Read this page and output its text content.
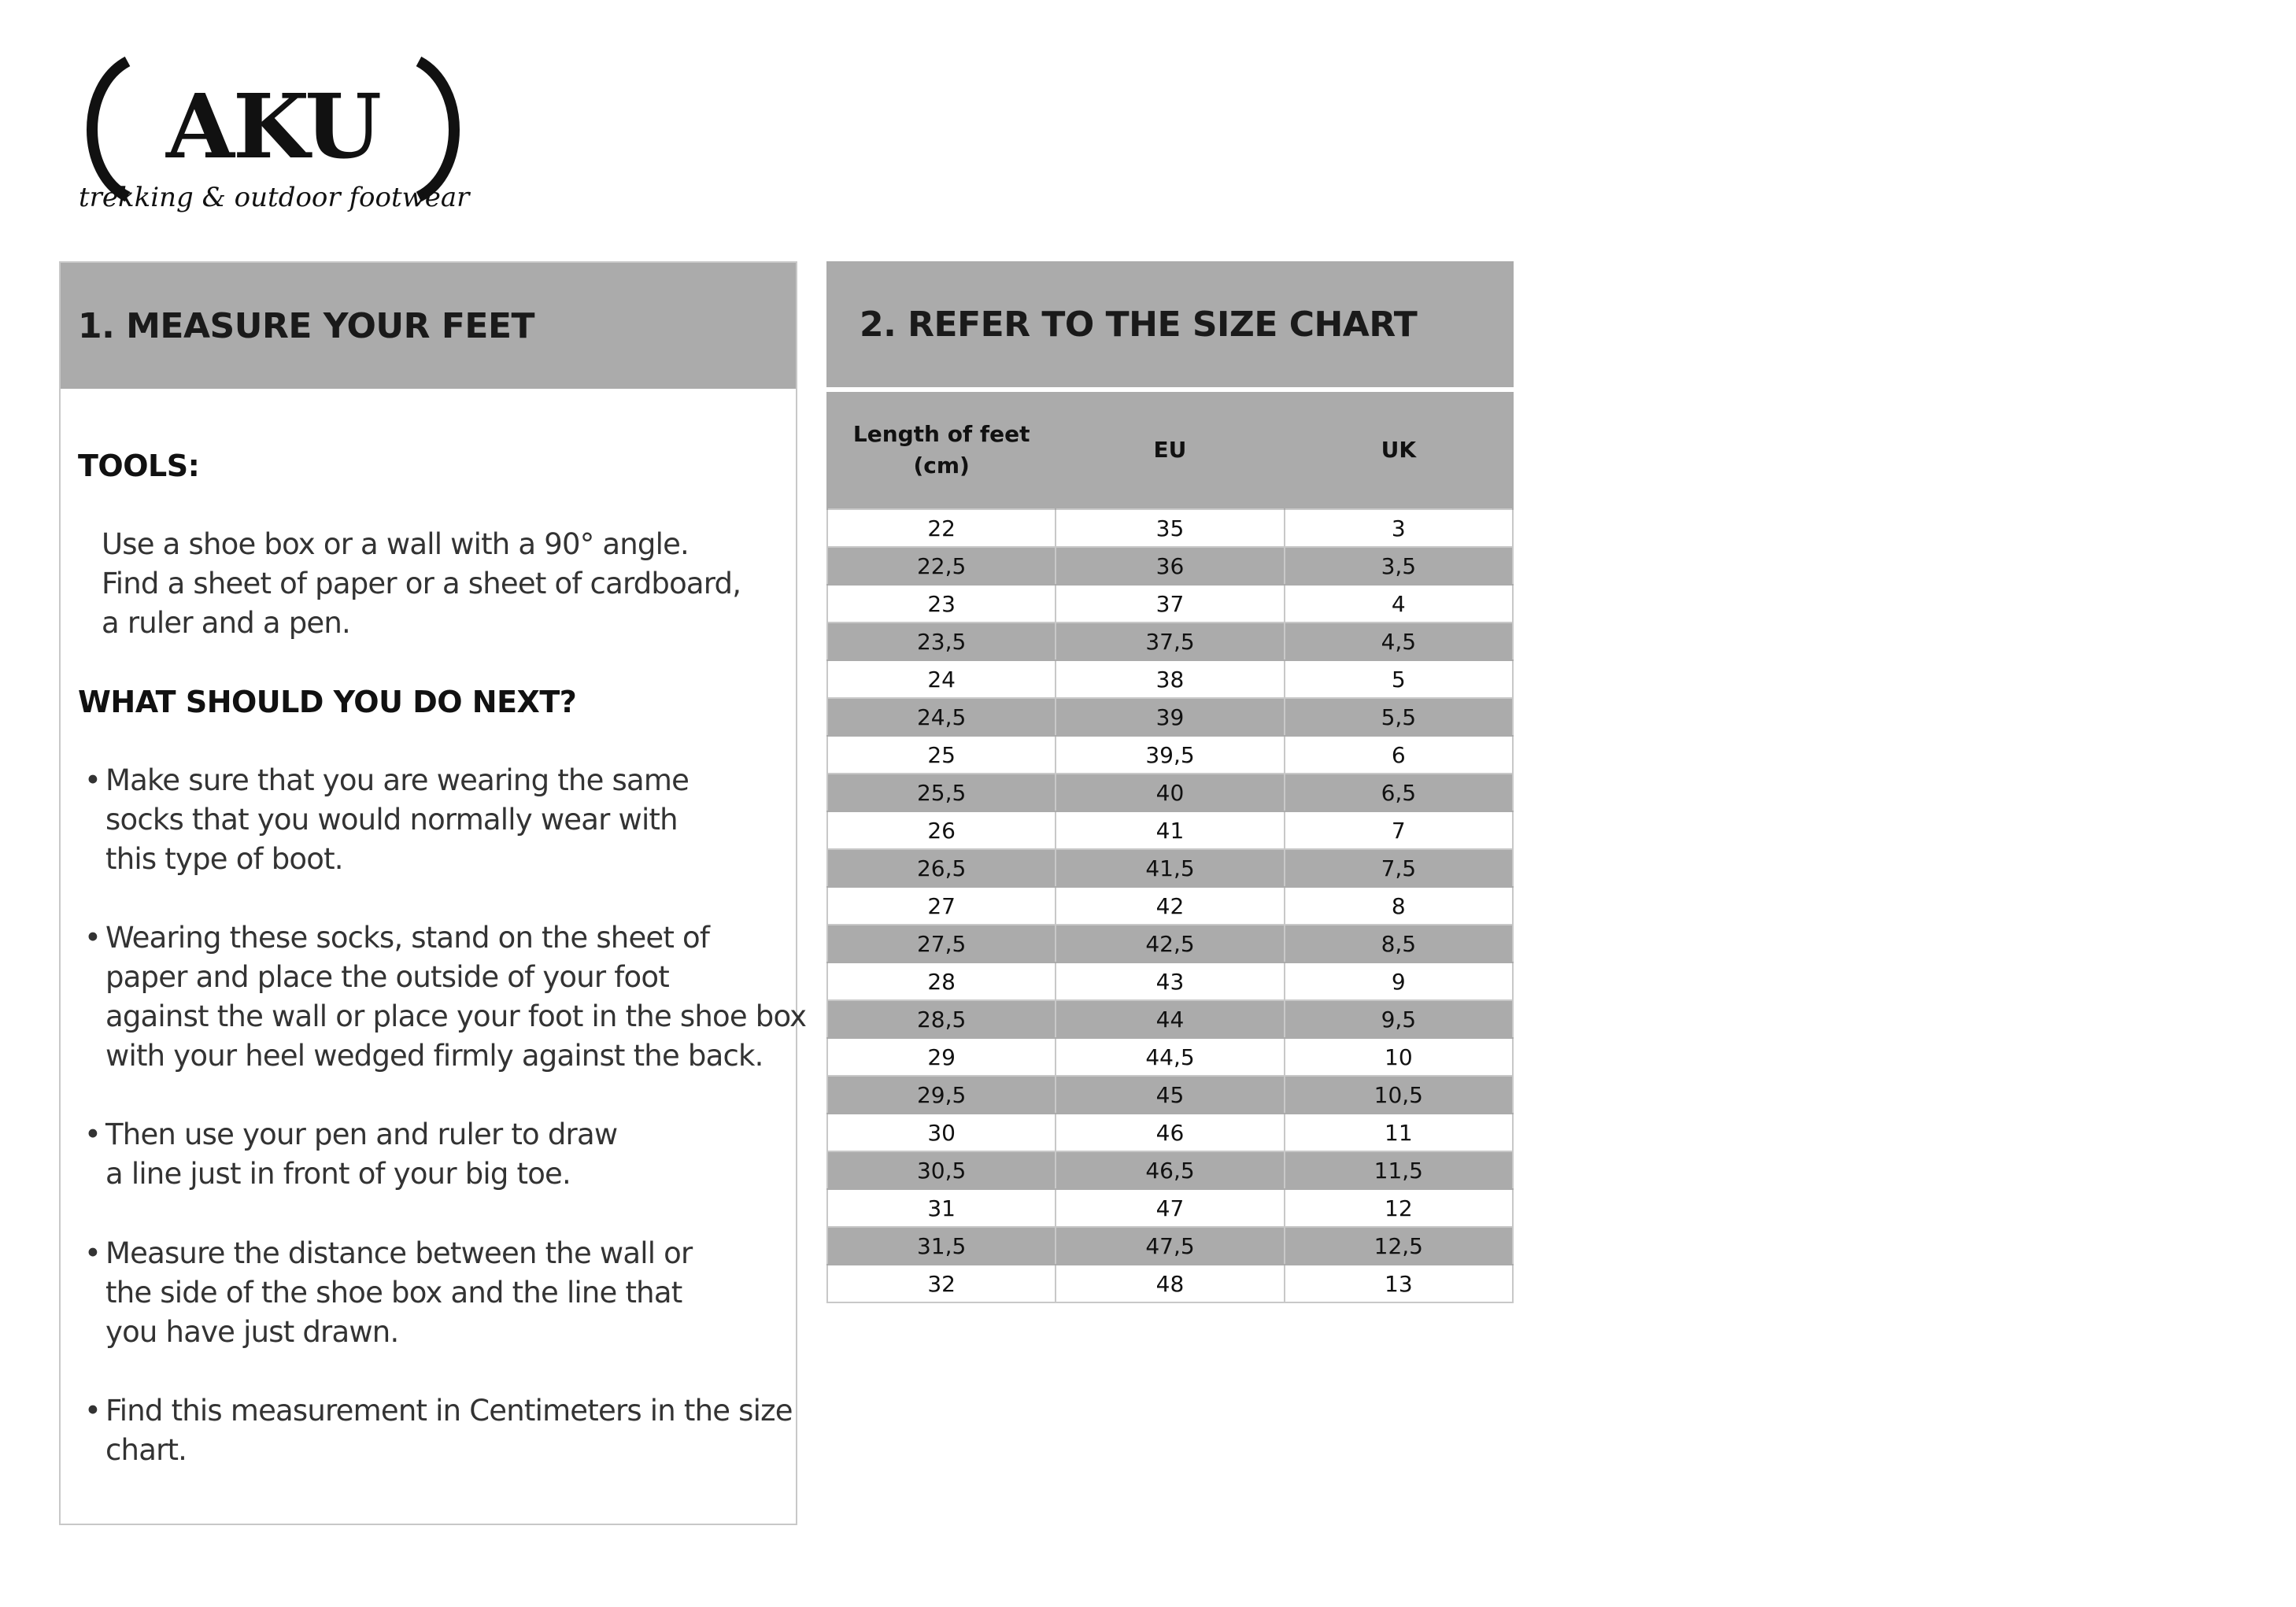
AKU
trekking & outdoor footwear
1. MEASURE YOUR FEET
TOOLS:
Use a shoe box or a wall with a 90° angle.
Find a sheet of paper or a sheet of cardboard,
a ruler and a pen.
WHAT SHOULD YOU DO NEXT?
• Make sure that you are wearing the same
socks that you would normally wear with
this type of boot.
• Wearing these socks, stand on the sheet of
paper and place the outside of your foot
against the wall or place your foot in the shoe box
with your heel wedged firmly against the back.
• Then use your pen and ruler to draw
a line just in front of your big toe.
• Measure the distance between the wall or
the side of the shoe box and the line that
you have just drawn.
• Find this measurement in Centimeters in the size
chart.
2. REFER TO THE SIZE CHART
Length of feet
(cm)	EU	UK
22	35	3
22,5	36	3,5
23	37	4
23,5	37,5	4,5
24	38	5
24,5	39	5,5
25	39,5	6
25,5	40	6,5
26	41	7
26,5	41,5	7,5
27	42	8
27,5	42,5	8,5
28	43	9
28,5	44	9,5
29	44,5	10
29,5	45	10,5
30	46	11
30,5	46,5	11,5
31	47	12
31,5	47,5	12,5
32	48	13
